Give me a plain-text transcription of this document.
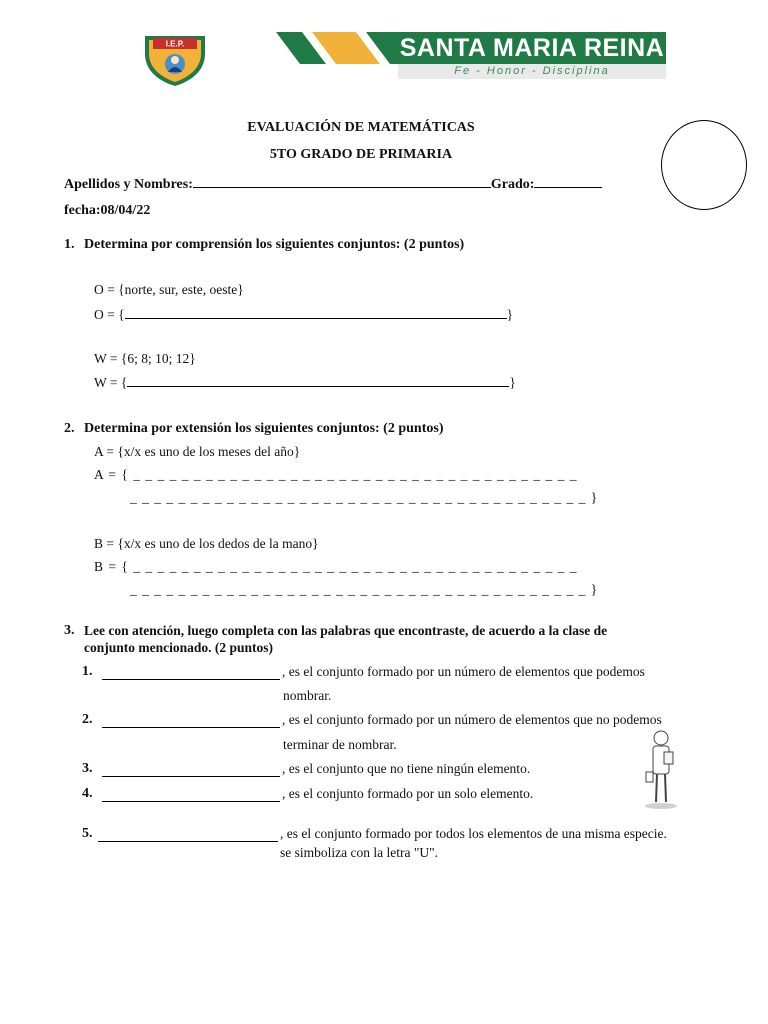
I.E.P.	SANTA MARIA REINA
Fe - Honor - Disciplina
EVALUACIÓN DE MATEMÁTICAS
5TO GRADO DE PRIMARIA
Apellidos y Nombres:	Grado:
fecha:08/04/22
1. Determina por comprensión los siguientes conjuntos: (2 puntos)
O = {norte, sur, este, oeste}
O = {	}
W = {6; 8; 10; 12}
W = {	}
2. Determina por extensión los siguientes conjuntos: (2 puntos)
A = {x/x es uno de los meses del año}
A = { _ _ _ _ _ _ _ _ _ _ _ _ _ _ _ _ _ _ _ _ _ _ _ _ _ _ _ _ _ _ _ _ _ _ _ _ _
_ _ _ _ _ _ _ _ _ _ _ _ _ _ _ _ _ _ _ _ _ _ _ _ _ _ _ _ _ _ _ _ _ _ _ _ _ _ }
B = {x/x es uno de los dedos de la mano}
B = { _ _ _ _ _ _ _ _ _ _ _ _ _ _ _ _ _ _ _ _ _ _ _ _ _ _ _ _ _ _ _ _ _ _ _ _ _
_ _ _ _ _ _ _ _ _ _ _ _ _ _ _ _ _ _ _ _ _ _ _ _ _ _ _ _ _ _ _ _ _ _ _ _ _ _ }
3. Lee con atención, luego completa con las palabras que encontraste, de acuerdo a la clase de
conjunto mencionado. (2 puntos)
1.	, es el conjunto formado por un número de elementos que podemos
nombrar.
2.	, es el conjunto formado por un número de elementos que no podemos
terminar de nombrar.
3.	, es el conjunto que no tiene ningún elemento.
4.	, es el conjunto formado por un solo elemento.
5.	, es el conjunto formado por todos los elementos de una misma especie.
se simboliza con la letra "U".
